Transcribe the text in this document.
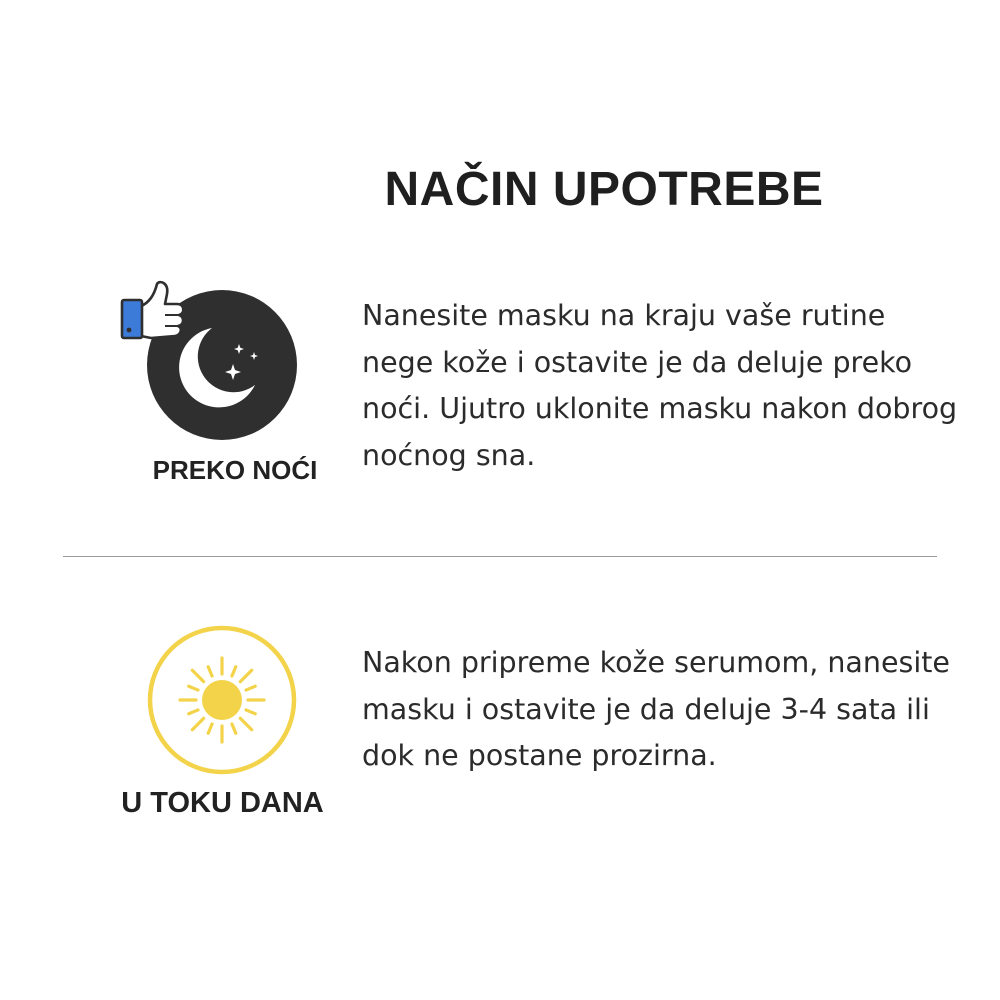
NAČIN UPOTREBE
PREKO NOĆI

Nanesite masku na kraju vaše rutine nege kože i ostavite je da deluje preko noći. Ujutro uklonite masku nakon dobrog noćnog sna.

U TOKU DANA

Nakon pripreme kože serumom, nanesite masku i ostavite je da deluje 3-4 sata ili dok ne postane prozirna.
